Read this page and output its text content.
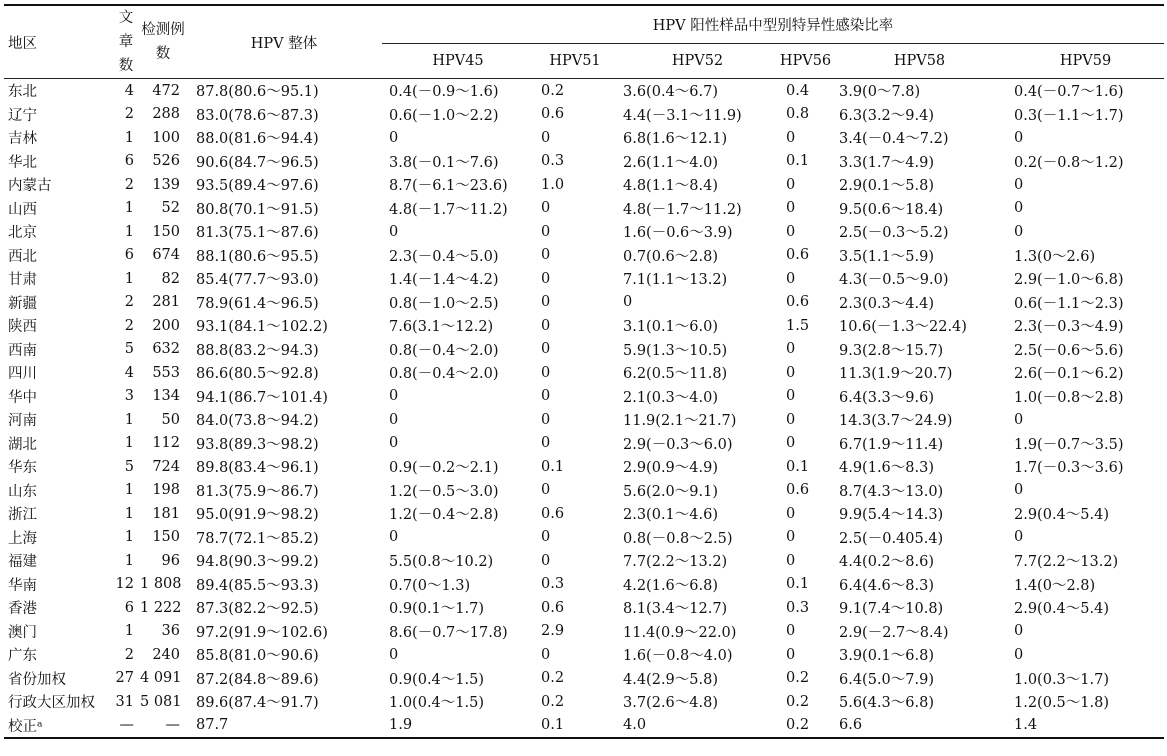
地区	文章数	检测例数	HPV 整体	HPV 阳性样品中型别特异性感染比率					
				HPV45	HPV51	HPV52	HPV56	HPV58	HPV59
东北	4	472	87.8(80.6～95.1)	0.4(－0.9～1.6)	0.2	3.6(0.4～6.7)	0.4	3.9(0～7.8)	0.4(－0.7～1.6)
辽宁	2	288	83.0(78.6～87.3)	0.6(－1.0～2.2)	0.6	4.4(－3.1～11.9)	0.8	6.3(3.2～9.4)	0.3(－1.1～1.7)
吉林	1	100	88.0(81.6～94.4)	0	0	6.8(1.6～12.1)	0	3.4(－0.4～7.2)	0
华北	6	526	90.6(84.7～96.5)	3.8(－0.1～7.6)	0.3	2.6(1.1～4.0)	0.1	3.3(1.7～4.9)	0.2(－0.8～1.2)
内蒙古	2	139	93.5(89.4～97.6)	8.7(－6.1～23.6)	1.0	4.8(1.1～8.4)	0	2.9(0.1～5.8)	0
山西	1	52	80.8(70.1～91.5)	4.8(－1.7～11.2)	0	4.8(－1.7～11.2)	0	9.5(0.6～18.4)	0
北京	1	150	81.3(75.1～87.6)	0	0	1.6(－0.6～3.9)	0	2.5(－0.3～5.2)	0
西北	6	674	88.1(80.6～95.5)	2.3(－0.4～5.0)	0	0.7(0.6～2.8)	0.6	3.5(1.1～5.9)	1.3(0～2.6)
甘肃	1	82	85.4(77.7～93.0)	1.4(－1.4～4.2)	0	7.1(1.1～13.2)	0	4.3(－0.5～9.0)	2.9(－1.0～6.8)
新疆	2	281	78.9(61.4～96.5)	0.8(－1.0～2.5)	0	0	0.6	2.3(0.3～4.4)	0.6(－1.1～2.3)
陕西	2	200	93.1(84.1～102.2)	7.6(3.1～12.2)	0	3.1(0.1～6.0)	1.5	10.6(－1.3～22.4)	2.3(－0.3～4.9)
西南	5	632	88.8(83.2～94.3)	0.8(－0.4～2.0)	0	5.9(1.3～10.5)	0	9.3(2.8～15.7)	2.5(－0.6～5.6)
四川	4	553	86.6(80.5～92.8)	0.8(－0.4～2.0)	0	6.2(0.5～11.8)	0	11.3(1.9～20.7)	2.6(－0.1～6.2)
华中	3	134	94.1(86.7～101.4)	0	0	2.1(0.3～4.0)	0	6.4(3.3～9.6)	1.0(－0.8～2.8)
河南	1	50	84.0(73.8～94.2)	0	0	11.9(2.1～21.7)	0	14.3(3.7～24.9)	0
湖北	1	112	93.8(89.3～98.2)	0	0	2.9(－0.3～6.0)	0	6.7(1.9～11.4)	1.9(－0.7～3.5)
华东	5	724	89.8(83.4～96.1)	0.9(－0.2～2.1)	0.1	2.9(0.9～4.9)	0.1	4.9(1.6～8.3)	1.7(－0.3～3.6)
山东	1	198	81.3(75.9～86.7)	1.2(－0.5～3.0)	0	5.6(2.0～9.1)	0.6	8.7(4.3～13.0)	0
浙江	1	181	95.0(91.9～98.2)	1.2(－0.4～2.8)	0.6	2.3(0.1～4.6)	0	9.9(5.4～14.3)	2.9(0.4～5.4)
上海	1	150	78.7(72.1～85.2)	0	0	0.8(－0.8～2.5)	0	2.5(－0.405.4)	0
福建	1	96	94.8(90.3～99.2)	5.5(0.8～10.2)	0	7.7(2.2～13.2)	0	4.4(0.2～8.6)	7.7(2.2～13.2)
华南	12	1 808	89.4(85.5～93.3)	0.7(0～1.3)	0.3	4.2(1.6～6.8)	0.1	6.4(4.6～8.3)	1.4(0～2.8)
香港	6	1 222	87.3(82.2～92.5)	0.9(0.1～1.7)	0.6	8.1(3.4～12.7)	0.3	9.1(7.4～10.8)	2.9(0.4～5.4)
澳门	1	36	97.2(91.9～102.6)	8.6(－0.7～17.8)	2.9	11.4(0.9～22.0)	0	2.9(－2.7～8.4)	0
广东	2	240	85.8(81.0～90.6)	0	0	1.6(－0.8～4.0)	0	3.9(0.1～6.8)	0
省份加权	27	4 091	87.2(84.8～89.6)	0.9(0.4～1.5)	0.2	4.4(2.9～5.8)	0.2	6.4(5.0～7.9)	1.0(0.3～1.7)
行政大区加权	31	5 081	89.6(87.4～91.7)	1.0(0.4～1.5)	0.2	3.7(2.6～4.8)	0.2	5.6(4.3～6.8)	1.2(0.5～1.8)
校正ᵃ	—	—	87.7	1.9	0.1	4.0	0.2	6.6	1.4
